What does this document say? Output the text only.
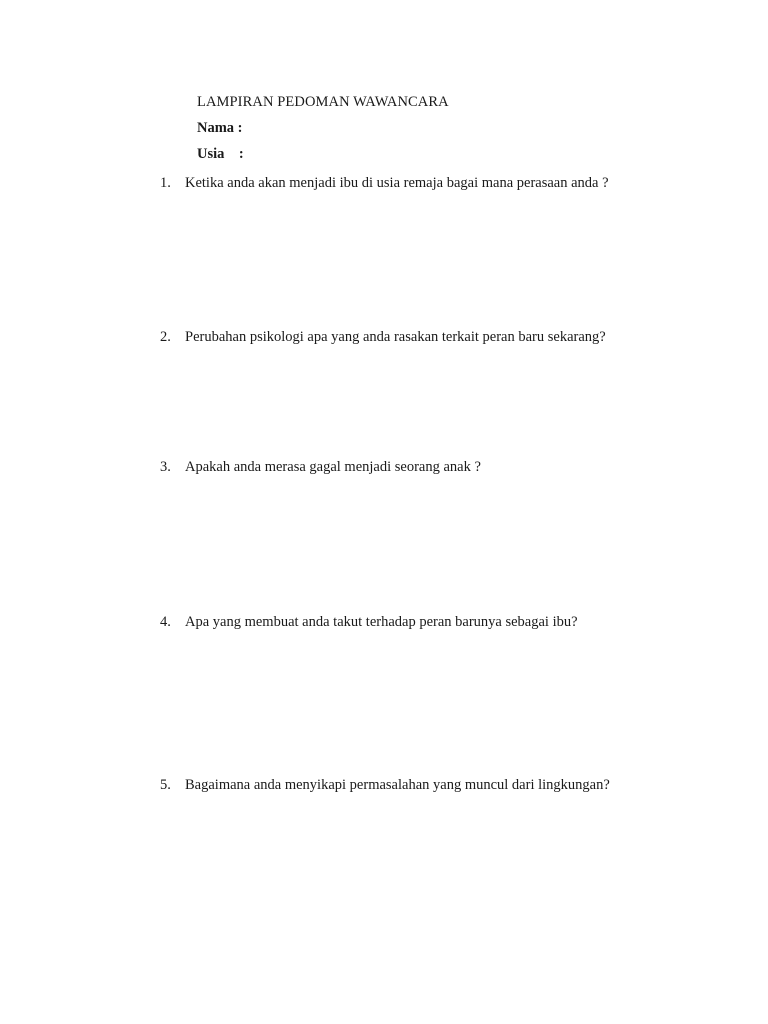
LAMPIRAN PEDOMAN WAWANCARA
Nama :
Usia    :
1. Ketika anda akan menjadi ibu di usia remaja bagai mana perasaan anda ?
2. Perubahan psikologi apa yang anda rasakan terkait peran baru sekarang?
3. Apakah anda merasa gagal menjadi seorang anak ?
4. Apa yang membuat anda takut terhadap peran barunya sebagai ibu?
5. Bagaimana anda menyikapi permasalahan yang muncul dari lingkungan?
